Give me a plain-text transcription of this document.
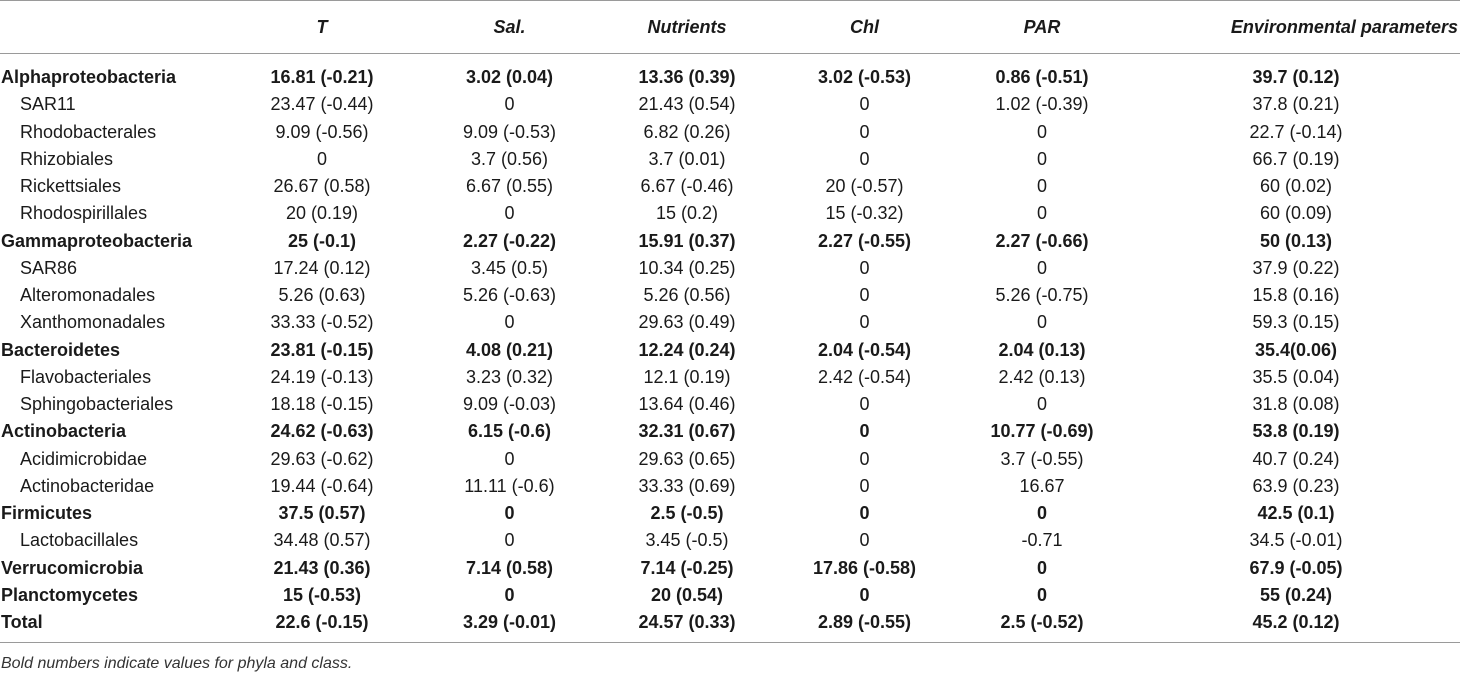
	T	Sal.	Nutrients	Chl	PAR	Environmental parameters
Alphaproteobacteria	16.81 (-0.21)	3.02 (0.04)	13.36 (0.39)	3.02 (-0.53)	0.86 (-0.51)	39.7 (0.12)
SAR11	23.47 (-0.44)	0	21.43 (0.54)	0	1.02 (-0.39)	37.8 (0.21)
Rhodobacterales	9.09 (-0.56)	9.09 (-0.53)	6.82 (0.26)	0	0	22.7 (-0.14)
Rhizobiales	0	3.7 (0.56)	3.7 (0.01)	0	0	66.7 (0.19)
Rickettsiales	26.67 (0.58)	6.67 (0.55)	6.67 (-0.46)	20 (-0.57)	0	60 (0.02)
Rhodospirillales	20 (0.19)	0	15 (0.2)	15 (-0.32)	0	60 (0.09)
Gammaproteobacteria	25 (-0.1)	2.27 (-0.22)	15.91 (0.37)	2.27 (-0.55)	2.27 (-0.66)	50 (0.13)
SAR86	17.24 (0.12)	3.45 (0.5)	10.34 (0.25)	0	0	37.9 (0.22)
Alteromonadales	5.26 (0.63)	5.26 (-0.63)	5.26 (0.56)	0	5.26 (-0.75)	15.8 (0.16)
Xanthomonadales	33.33 (-0.52)	0	29.63 (0.49)	0	0	59.3 (0.15)
Bacteroidetes	23.81 (-0.15)	4.08 (0.21)	12.24 (0.24)	2.04 (-0.54)	2.04 (0.13)	35.4(0.06)
Flavobacteriales	24.19 (-0.13)	3.23 (0.32)	12.1 (0.19)	2.42 (-0.54)	2.42 (0.13)	35.5 (0.04)
Sphingobacteriales	18.18 (-0.15)	9.09 (-0.03)	13.64 (0.46)	0	0	31.8 (0.08)
Actinobacteria	24.62 (-0.63)	6.15 (-0.6)	32.31 (0.67)	0	10.77 (-0.69)	53.8 (0.19)
Acidimicrobidae	29.63 (-0.62)	0	29.63 (0.65)	0	3.7 (-0.55)	40.7 (0.24)
Actinobacteridae	19.44 (-0.64)	11.11 (-0.6)	33.33 (0.69)	0	16.67	63.9 (0.23)
Firmicutes	37.5 (0.57)	0	2.5 (-0.5)	0	0	42.5 (0.1)
Lactobacillales	34.48 (0.57)	0	3.45 (-0.5)	0	-0.71	34.5 (-0.01)
Verrucomicrobia	21.43 (0.36)	7.14 (0.58)	7.14 (-0.25)	17.86 (-0.58)	0	67.9 (-0.05)
Planctomycetes	15 (-0.53)	0	20 (0.54)	0	0	55 (0.24)
Total	22.6 (-0.15)	3.29 (-0.01)	24.57 (0.33)	2.89 (-0.55)	2.5 (-0.52)	45.2 (0.12)
Bold numbers indicate values for phyla and class.
